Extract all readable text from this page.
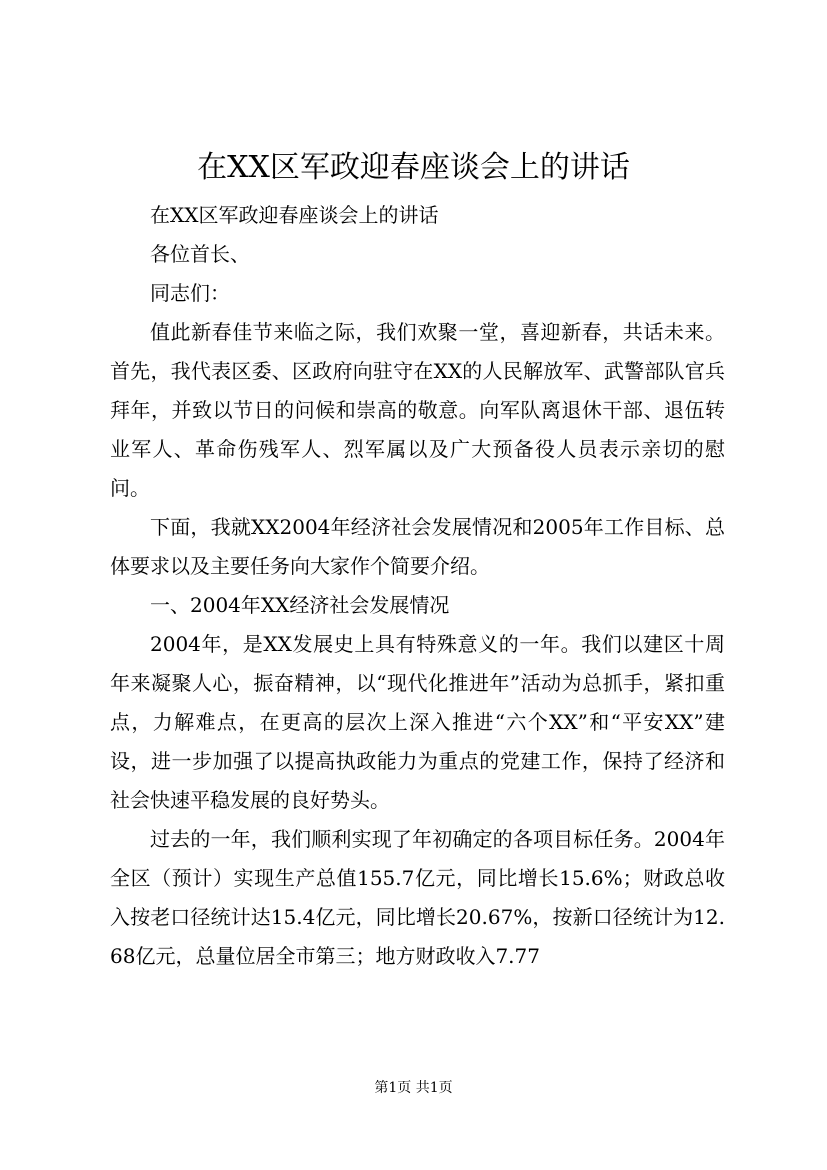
在XX区军政迎春座谈会上的讲话

在XX区军政迎春座谈会上的讲话

各位首长、

同志们：

值此新春佳节来临之际，我们欢聚一堂，喜迎新春，共话未来。首先，我代表区委、区政府向驻守在XX的人民解放军、武警部队官兵拜年，并致以节日的问候和崇高的敬意。向军队离退休干部、退伍转业军人、革命伤残军人、烈军属以及广大预备役人员表示亲切的慰问。

下面，我就XX2004年经济社会发展情况和2005年工作目标、总体要求以及主要任务向大家作个简要介绍。

一、2004年XX经济社会发展情况

2004年，是XX发展史上具有特殊意义的一年。我们以建区十周年来凝聚人心，振奋精神，以“现代化推进年”活动为总抓手，紧扣重点，力解难点，在更高的层次上深入推进“六个XX”和“平安XX”建设，进一步加强了以提高执政能力为重点的党建工作，保持了经济和社会快速平稳发展的良好势头。

过去的一年，我们顺利实现了年初确定的各项目标任务。2004年全区（预计）实现生产总值155.7亿元，同比增长15.6%；财政总收入按老口径统计达15.4亿元，同比增长20.67%，按新口径统计为12.68亿元，总量位居全市第三；地方财政收入7.77

第1页 共1页
